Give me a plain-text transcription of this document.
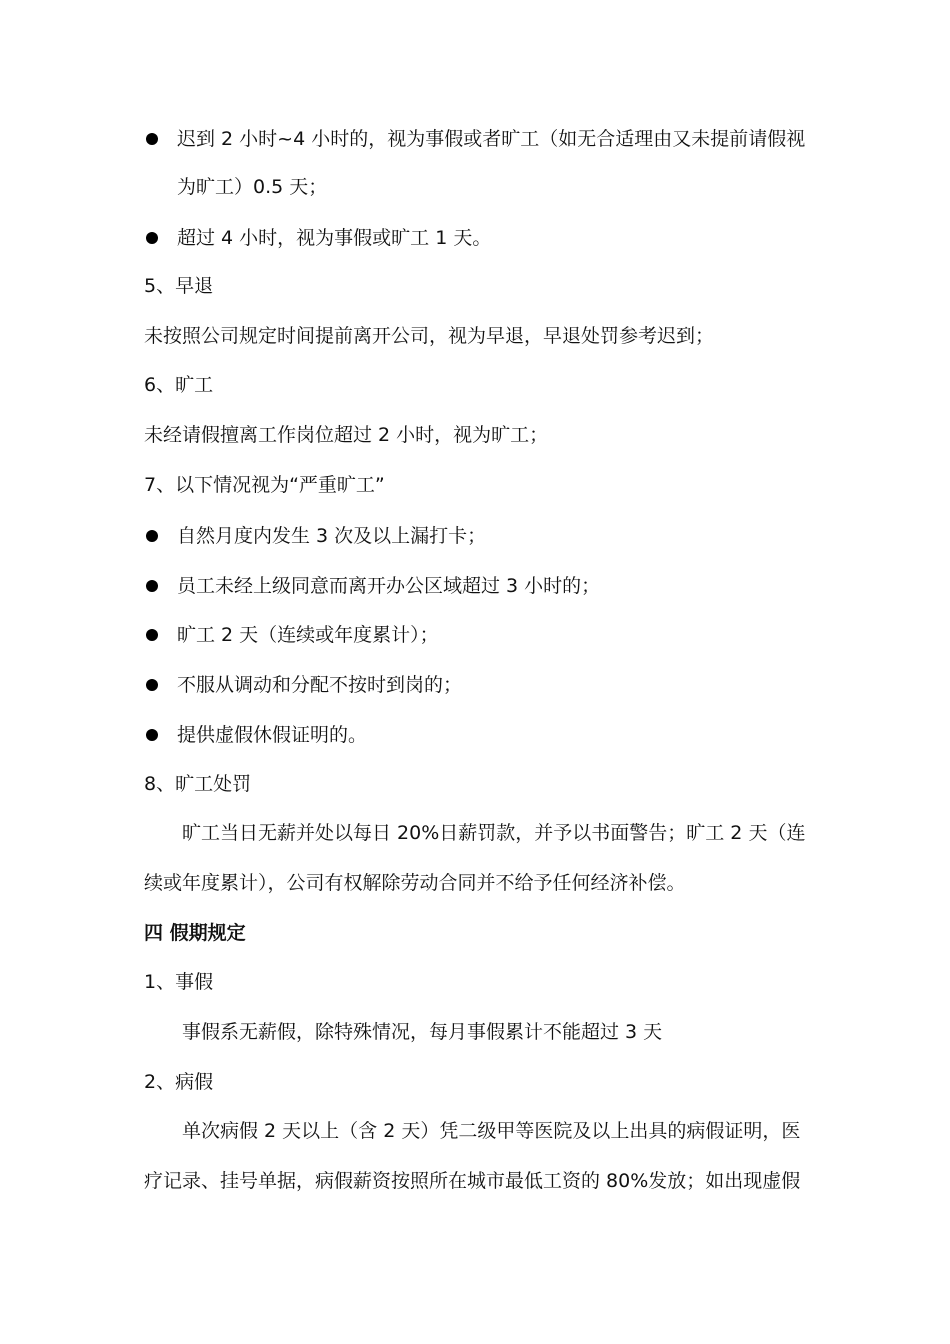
迟到 2 小时~4 小时的，视为事假或者旷工（如无合适理由又未提前请假视

为旷工）0.5 天；

超过 4 小时，视为事假或旷工 1 天。

5、早退

未按照公司规定时间提前离开公司，视为早退，早退处罚参考迟到；

6、旷工

未经请假擅离工作岗位超过 2 小时，视为旷工；

7、以下情况视为“严重旷工”

自然月度内发生 3 次及以上漏打卡；

员工未经上级同意而离开办公区域超过 3 小时的；

旷工 2 天（连续或年度累计）；

不服从调动和分配不按时到岗的；

提供虚假休假证明的。

8、旷工处罚

旷工当日无薪并处以每日 20%日薪罚款，并予以书面警告；旷工 2 天（连

续或年度累计），公司有权解除劳动合同并不给予任何经济补偿。

四 假期规定

1、事假

事假系无薪假，除特殊情况，每月事假累计不能超过 3 天

2、病假

单次病假 2 天以上（含 2 天）凭二级甲等医院及以上出具的病假证明，医

疗记录、挂号单据，病假薪资按照所在城市最低工资的 80%发放；如出现虚假
